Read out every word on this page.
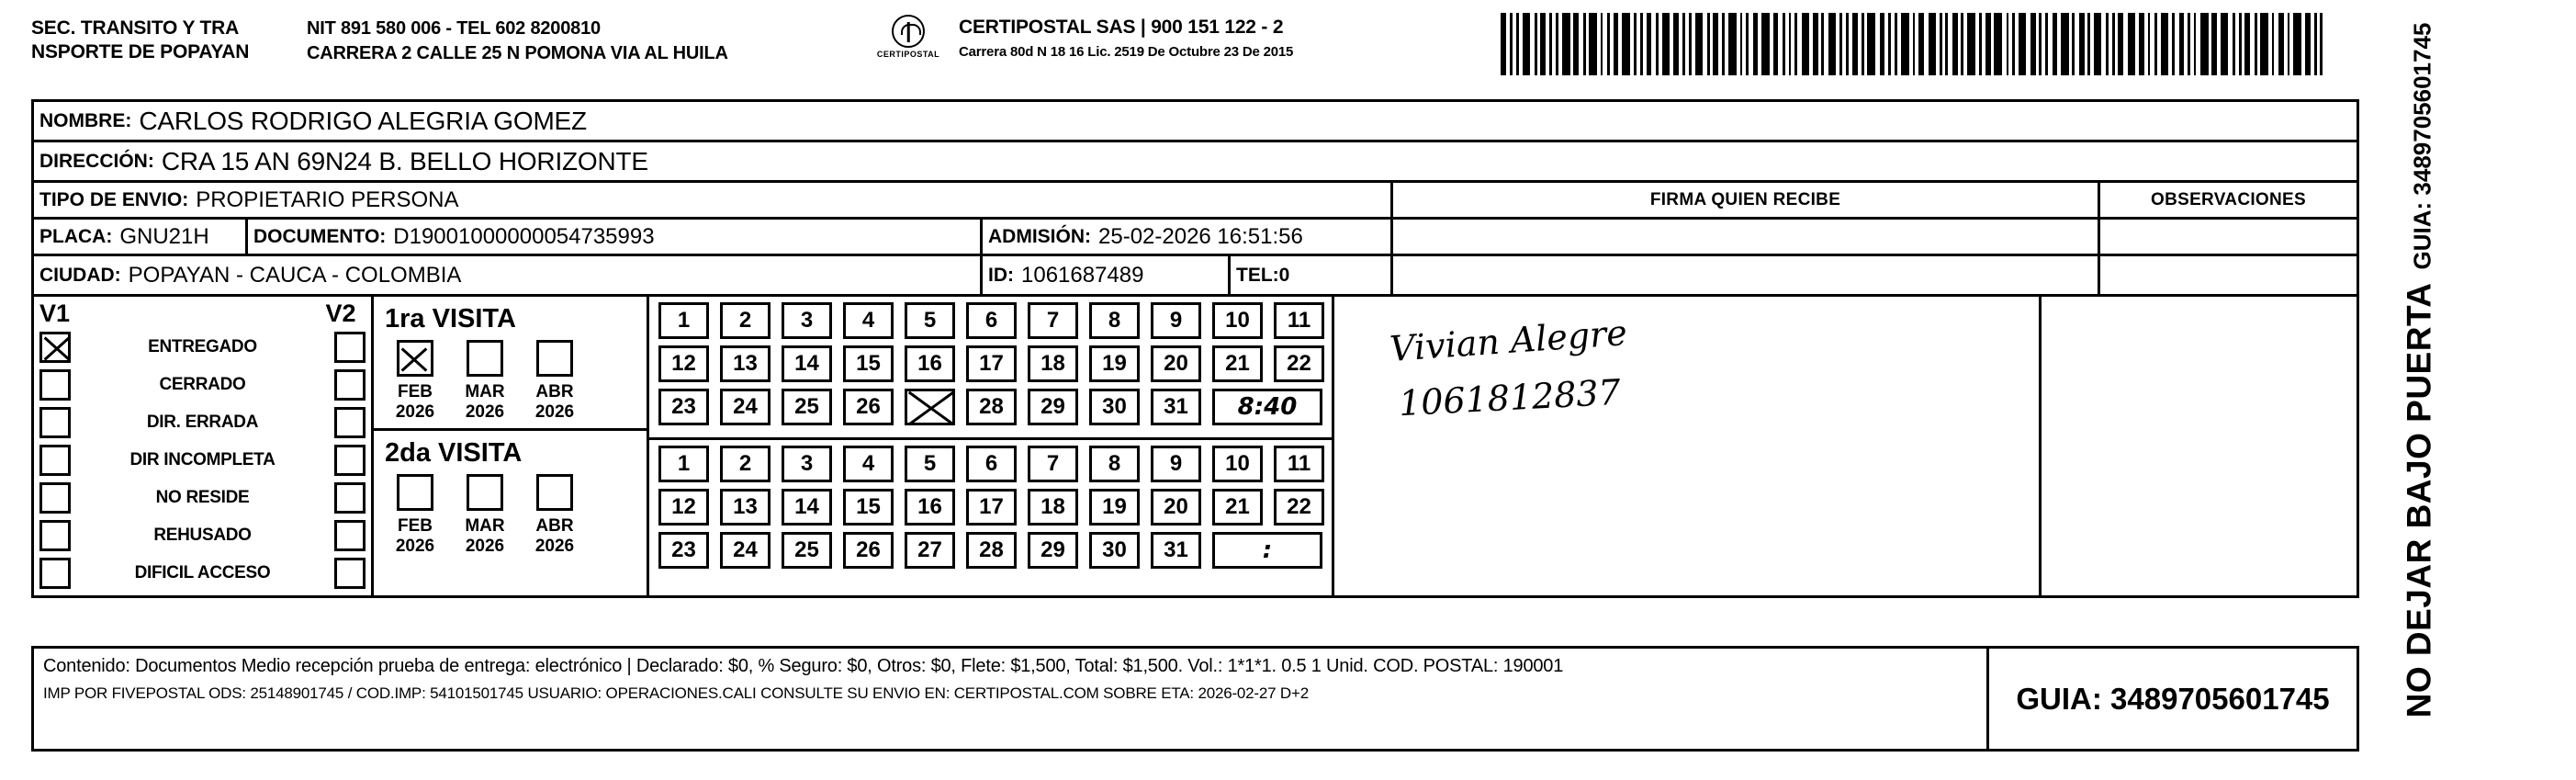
SEC. TRANSITO Y TRA
NSPORTE DE POPAYAN
NIT 891 580 006 - TEL 602 8200810
CARRERA 2 CALLE 25 N POMONA VIA AL HUILA	CERTIPOSTAL
CERTIPOSTAL SAS | 900 151 122 - 2
Carrera 80d N 18 16 Lic. 2519 De Octubre 23 De 2015
NOMBRE: CARLOS RODRIGO ALEGRIA GOMEZ
DIRECCIÓN: CRA 15 AN 69N24 B. BELLO HORIZONTE
TIPO DE ENVIO: PROPIETARIO PERSONA	FIRMA QUIEN RECIBE	OBSERVACIONES
PLACA: GNU21H DOCUMENTO: D19001000000054735993	ADMISIÓN: 25-02-2026 16:51:56
CIUDAD: POPAYAN - CAUCA - COLOMBIA	ID: 1061687489	TEL: 0
V1	V2
ENTREGADO
CERRADO
DIR. ERRADA
DIR INCOMPLETA
NO RESIDE
REHUSADO
DIFICIL ACCESO
1ra VISITA
FEB
2026
MAR
2026
ABR
2026
2da VISITA
FEB
2026
MAR
2026
ABR
2026
1 2 3 4 5 6 7 8 9 10 11
12 13 14 15 16 17 18 19 20 21 22
23 24 25 26	28 29 30 31	8:40
1 2 3 4 5 6 7 8 9 10 11
12 13 14 15 16 17 18 19 20 21 22
23 24 25 26 27 28 29 30 31	:
Vivian Alegre
1061812837	NO DEJAR BAJO PUERTA
GUIA: 3489705601745
Contenido: Documentos Medio recepción prueba de entrega: electrónico | Declarado: $0, % Seguro: $0, Otros: $0, Flete: $1,500, Total: $1,500. Vol.: 1*1*1. 0.5 1 Unid. COD. POSTAL: 190001
IMP POR FIVEPOSTAL ODS: 25148901745 / COD.IMP: 54101501745 USUARIO: OPERACIONES.CALI CONSULTE SU ENVIO EN: CERTIPOSTAL.COM SOBRE ETA: 2026-02-27 D+2	GUIA: 3489705601745
